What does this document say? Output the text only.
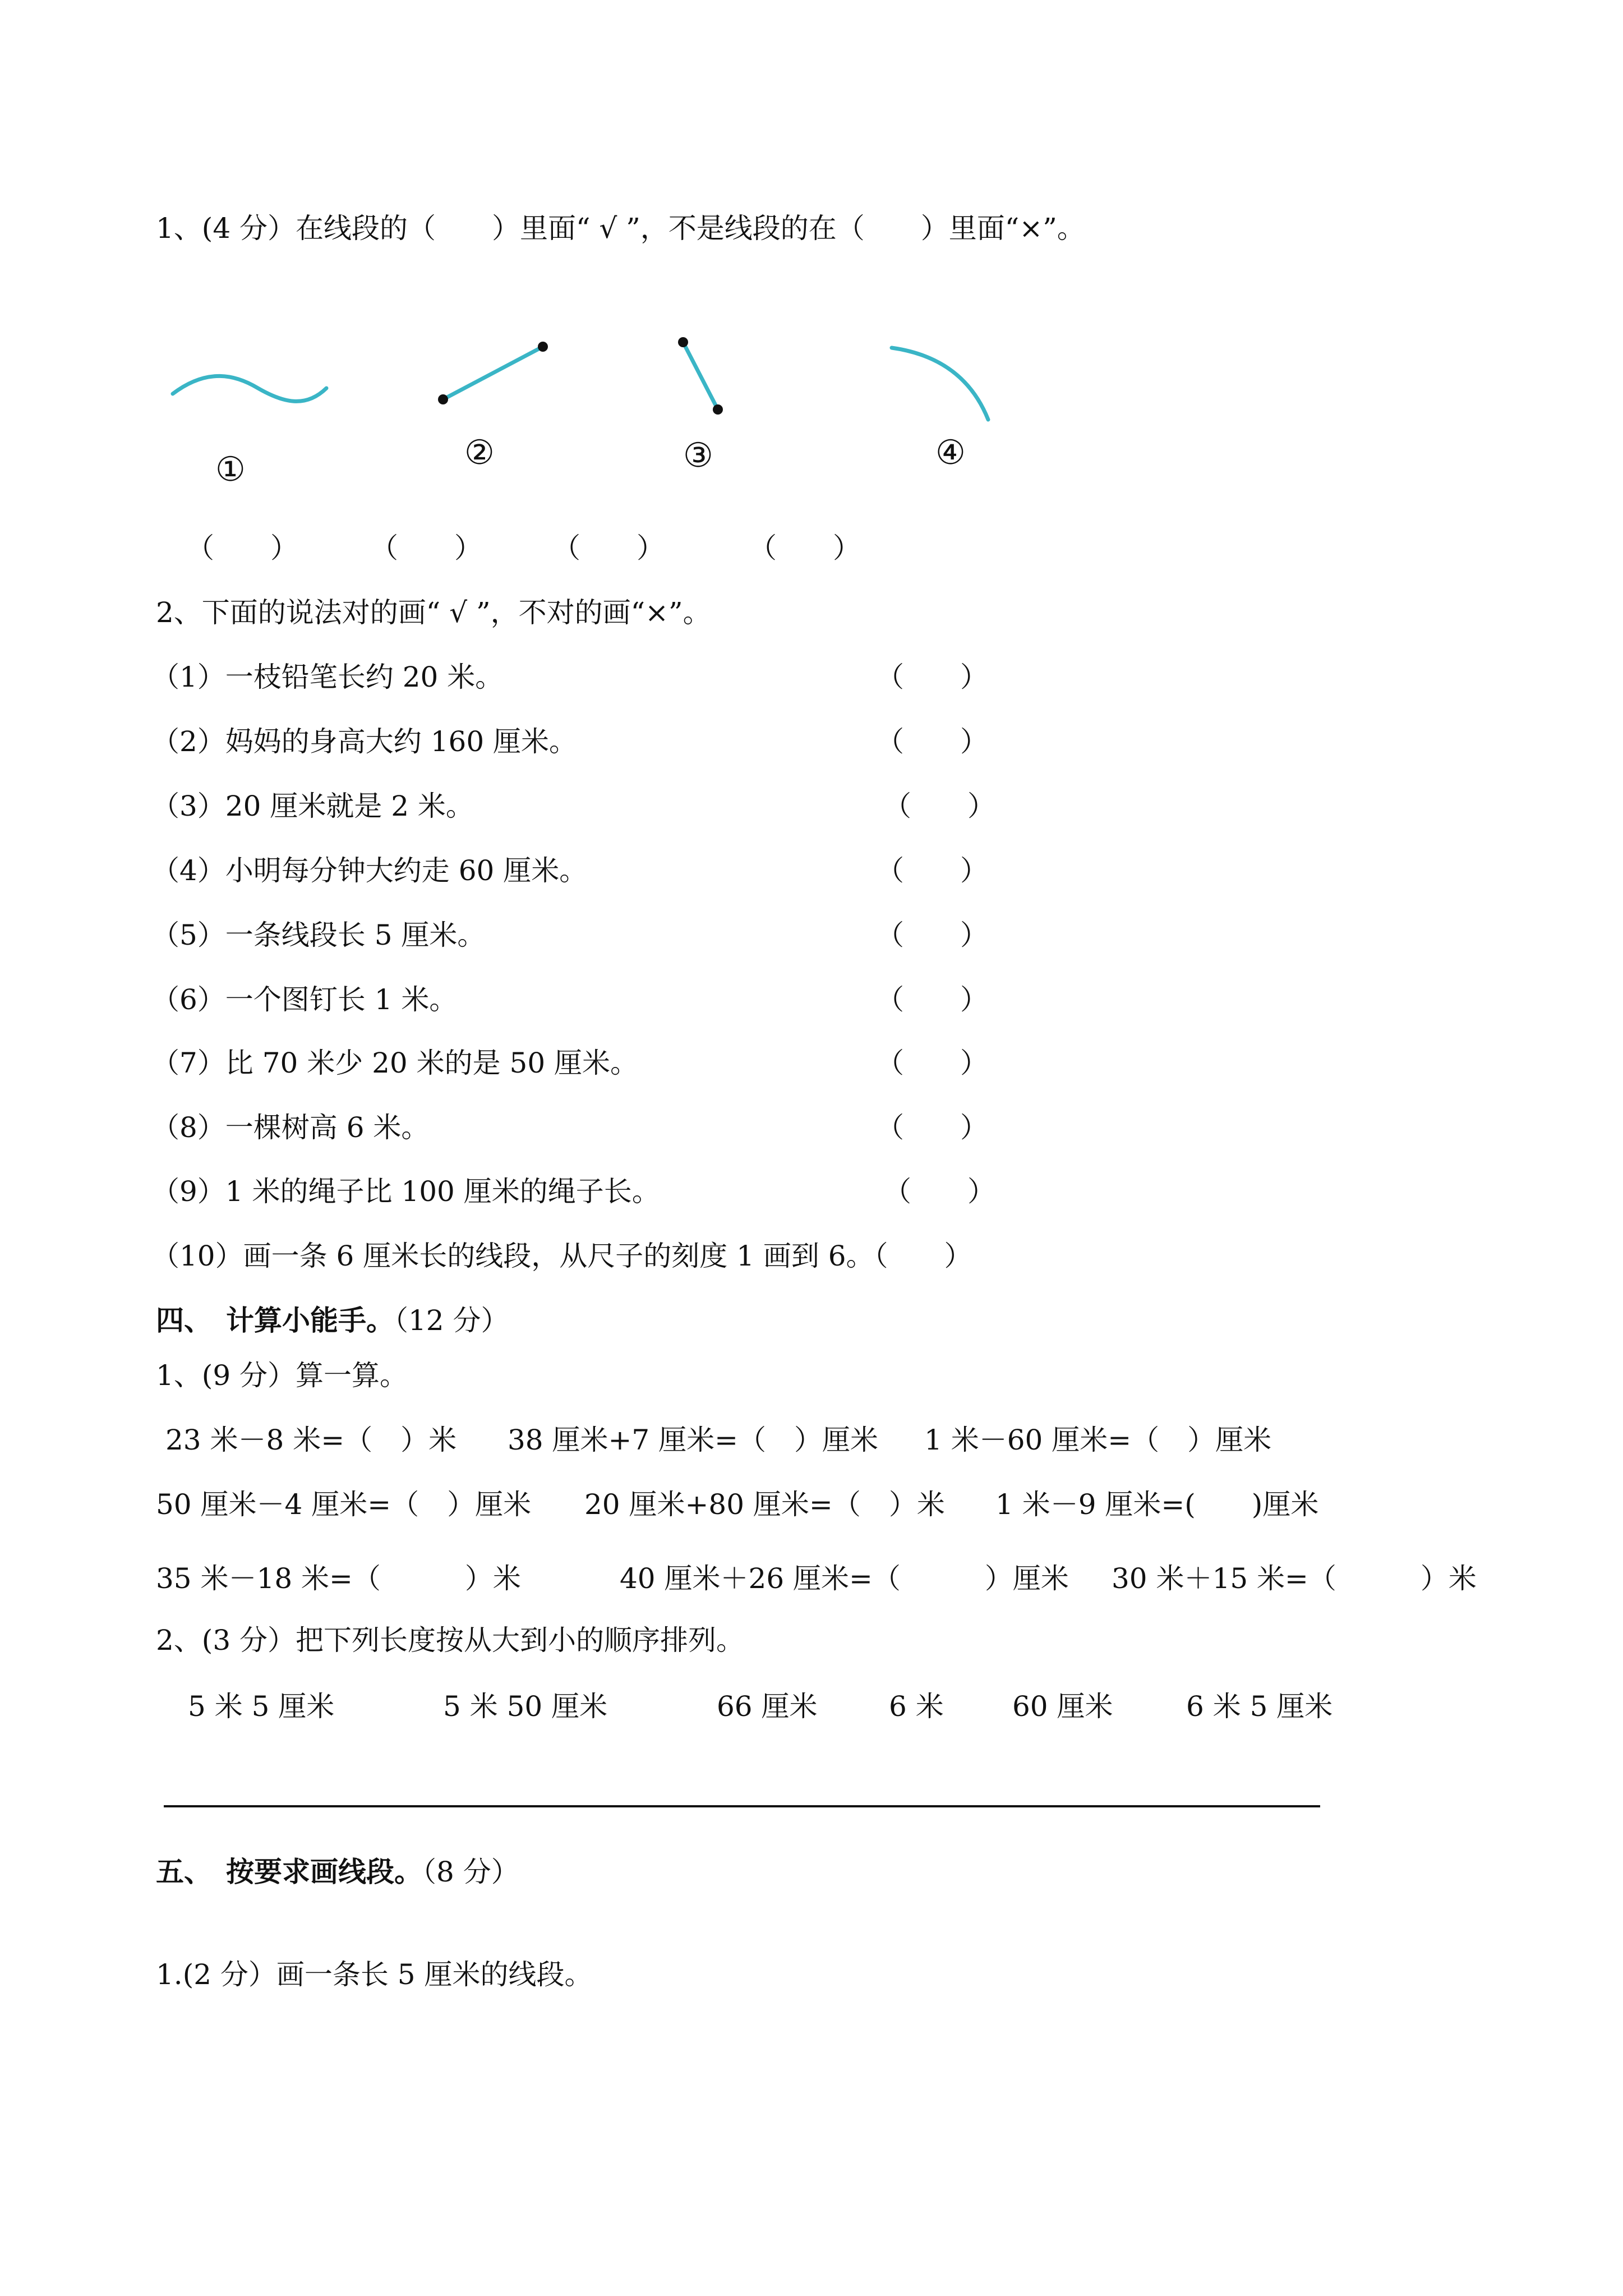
1、(4 分）在线段的（　　）里面“ √ ”，不是线段的在（　　）里面“×”。
①	②	③	④
（　　）	（　　）	（　　）	（　　）
2、下面的说法对的画“ √ ”，不对的画“×”。
（1）一枝铅笔长约 20 米。	（　　）
（2）妈妈的身高大约 160 厘米。	（　　）
（3）20 厘米就是 2 米。	（　　）
（4）小明每分钟大约走 60 厘米。	（　　）
（5）一条线段长 5 厘米。	（　　）
（6）一个图钉长 1 米。	（　　）
（7）比 70 米少 20 米的是 50 厘米。	（　　）
（8）一棵树高 6 米。	（　　）
（9）1 米的绳子比 100 厘米的绳子长。	（　　）
（10）画一条 6 厘米长的线段，从尺子的刻度 1 画到 6。（　　）
四、　计算小能手。（12 分）
1、(9 分）算一算。
23 米－8 米=（　）米 38 厘米+7 厘米=（　）厘米 1 米－60 厘米=（　）厘米
50 厘米－4 厘米=（　）厘米 20 厘米+80 厘米=（　）米 1 米－9 厘米=(　　)厘米
35 米－18 米=（　　　）米	40 厘米＋26 厘米=（　　　）厘米 30 米＋15 米=（　　　）米
2、(3 分）把下列长度按从大到小的顺序排列。
5 米 5 厘米	5 米 50 厘米	66 厘米	6 米 60 厘米	6 米 5 厘米
五、　按要求画线段。（8 分）
1.(2 分）画一条长 5 厘米的线段。
